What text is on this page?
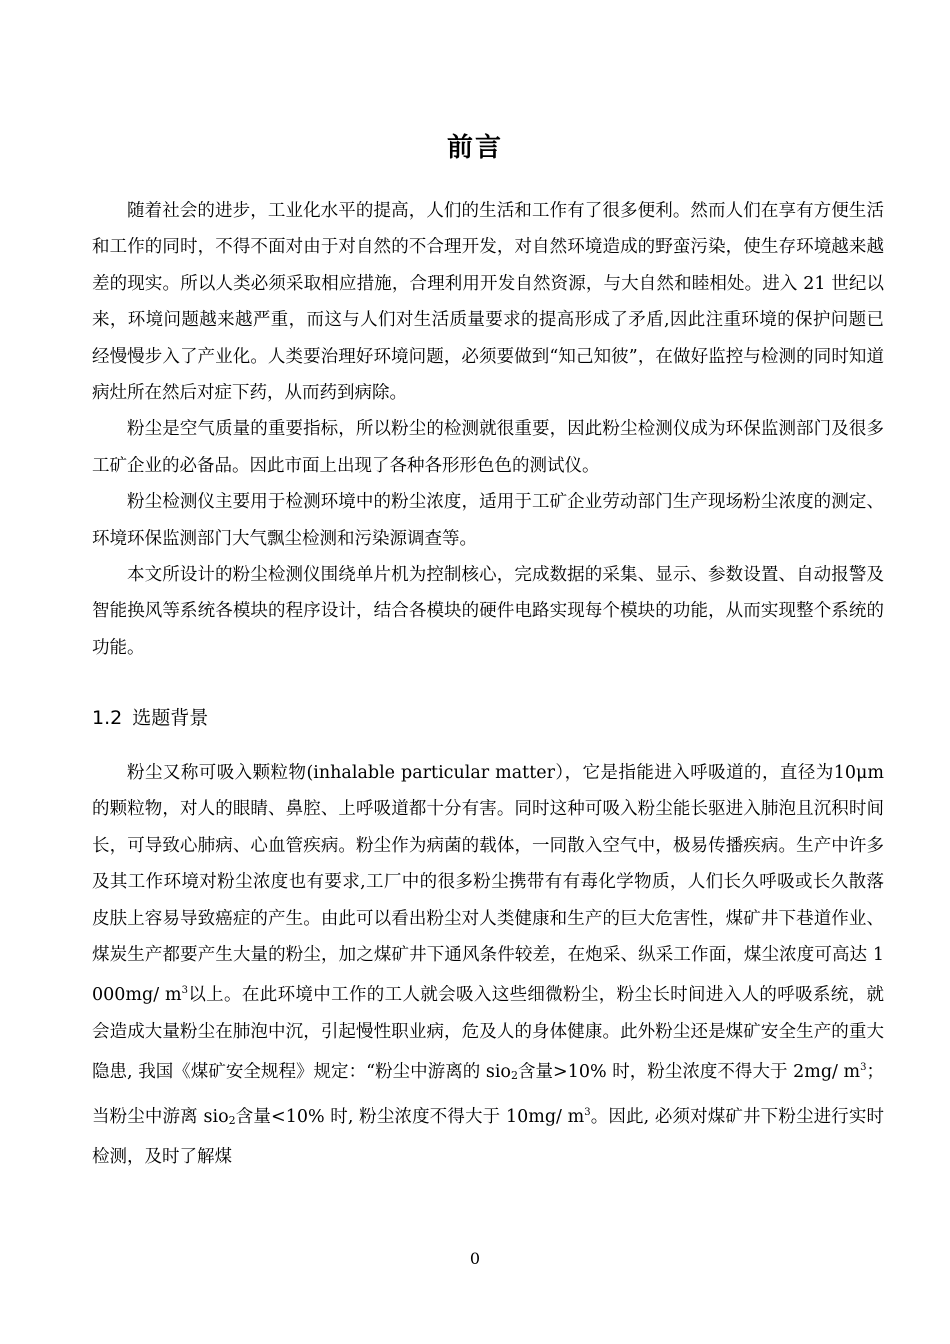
前言

随着社会的进步，工业化水平的提高，人们的生活和工作有了很多便利。然而人们在享有方便生活和工作的同时，不得不面对由于对自然的不合理开发，对自然环境造成的野蛮污染，使生存环境越来越差的现实。所以人类必须采取相应措施，合理利用开发自然资源，与大自然和睦相处。进入 21 世纪以来，环境问题越来越严重，而这与人们对生活质量要求的提高形成了矛盾,因此注重环境的保护问题已经慢慢步入了产业化。人类要治理好环境问题，必须要做到“知己知彼”，在做好监控与检测的同时知道病灶所在然后对症下药，从而药到病除。

粉尘是空气质量的重要指标，所以粉尘的检测就很重要，因此粉尘检测仪成为环保监测部门及很多工矿企业的必备品。因此市面上出现了各种各形形色色的测试仪。

粉尘检测仪主要用于检测环境中的粉尘浓度，适用于工矿企业劳动部门生产现场粉尘浓度的测定、环境环保监测部门大气飘尘检测和污染源调查等。

本文所设计的粉尘检测仪围绕单片机为控制核心，完成数据的采集、显示、参数设置、自动报警及智能换风等系统各模块的程序设计，结合各模块的硬件电路实现每个模块的功能，从而实现整个系统的功能。

1.2 选题背景

粉尘又称可吸入颗粒物(inhalable particular matter），它是指能进入呼吸道的，直径为10μm的颗粒物，对人的眼睛、鼻腔、上呼吸道都十分有害。同时这种可吸入粉尘能长驱进入肺泡且沉积时间长，可导致心肺病、心血管疾病。粉尘作为病菌的载体，一同散入空气中，极易传播疾病。生产中许多及其工作环境对粉尘浓度也有要求,工厂中的很多粉尘携带有有毒化学物质，人们长久呼吸或长久散落皮肤上容易导致癌症的产生。由此可以看出粉尘对人类健康和生产的巨大危害性，煤矿井下巷道作业、煤炭生产都要产生大量的粉尘，加之煤矿井下通风条件较差，在炮采、纵采工作面，煤尘浓度可高达 1000mg/ $m^3$以上。在此环境中工作的工人就会吸入这些细微粉尘，粉尘长时间进入人的呼吸系统，就会造成大量粉尘在肺泡中沉，引起慢性职业病，危及人的身体健康。此外粉尘还是煤矿安全生产的重大隐患, 我国《煤矿安全规程》规定：“粉尘中游离的 sio2含量>10% 时，粉尘浓度不得大于 2mg/ $m^3$；当粉尘中游离 sio2含量<10% 时, 粉尘浓度不得大于 10mg/ $m^3$。因此, 必须对煤矿井下粉尘进行实时检测，及时了解煤

0
